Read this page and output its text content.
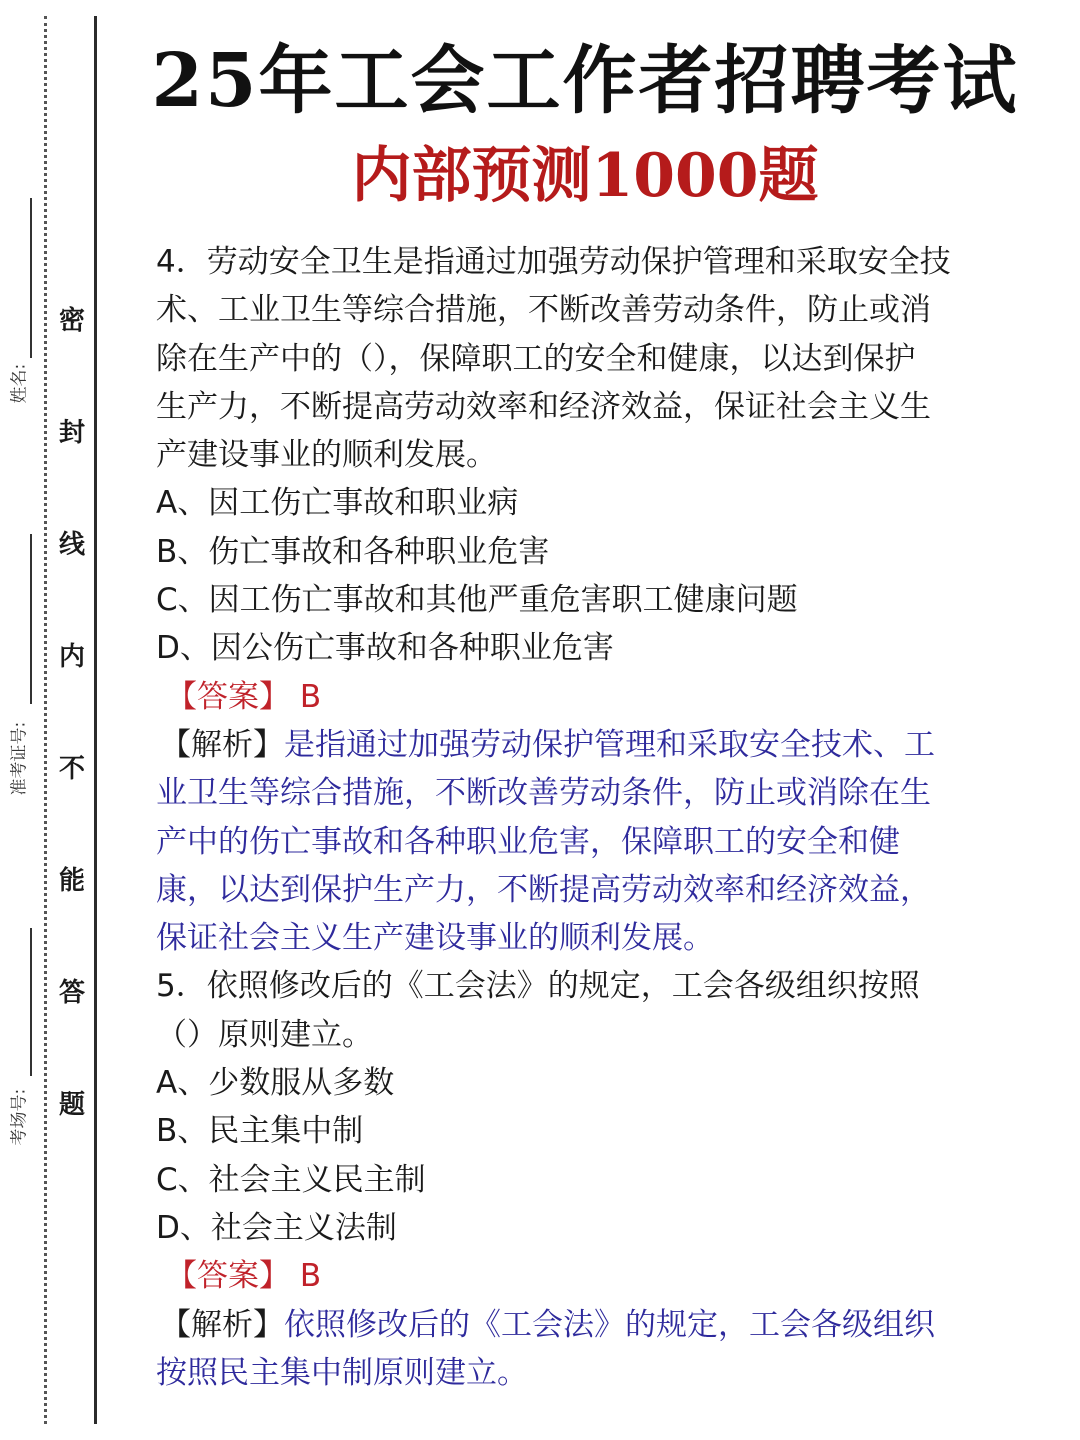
姓名:
准考证号:
考场号:
密
封
线
内
不
能
答
题
25年工会工作者招聘考试
内部预测1000题

4．劳动安全卫生是指通过加强劳动保护管理和采取安全技

术、工业卫生等综合措施，不断改善劳动条件，防止或消

除在生产中的（），保障职工的安全和健康，以达到保护

生产力，不断提高劳动效率和经济效益，保证社会主义生

产建设事业的顺利发展。

A、因工伤亡事故和职业病

B、伤亡事故和各种职业危害

C、因工伤亡事故和其他严重危害职工健康问题

D、因公伤亡事故和各种职业危害

【答案】 B

【解析】是指通过加强劳动保护管理和采取安全技术、工

业卫生等综合措施，不断改善劳动条件，防止或消除在生

产中的伤亡事故和各种职业危害，保障职工的安全和健

康，以达到保护生产力，不断提高劳动效率和经济效益，

保证社会主义生产建设事业的顺利发展。

5．依照修改后的《工会法》的规定，工会各级组织按照

（）原则建立。

A、少数服从多数

B、民主集中制

C、社会主义民主制

D、社会主义法制

【答案】 B

【解析】依照修改后的《工会法》的规定，工会各级组织

按照民主集中制原则建立。
